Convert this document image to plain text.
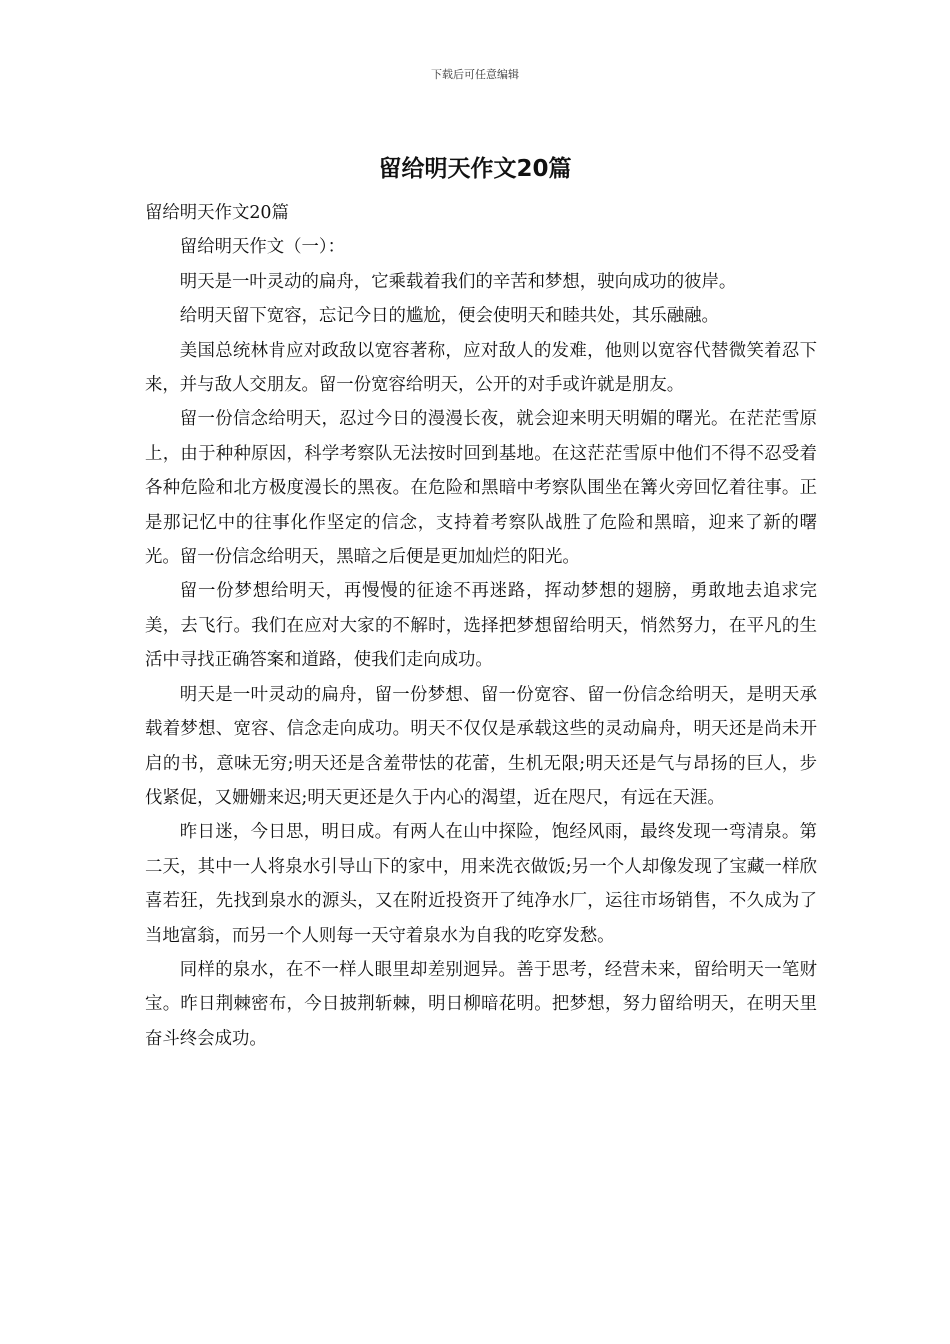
下载后可任意编辑
留给明天作文20篇

留给明天作文20篇

留给明天作文（一）：

明天是一叶灵动的扁舟，它乘载着我们的辛苦和梦想，驶向成功的彼岸。

给明天留下宽容，忘记今日的尴尬，便会使明天和睦共处，其乐融融。

美国总统林肯应对政敌以宽容著称，应对敌人的发难，他则以宽容代替微笑着忍下来，并与敌人交朋友。留一份宽容给明天，公开的对手或许就是朋友。

留一份信念给明天，忍过今日的漫漫长夜，就会迎来明天明媚的曙光。在茫茫雪原上，由于种种原因，科学考察队无法按时回到基地。在这茫茫雪原中他们不得不忍受着各种危险和北方极度漫长的黑夜。在危险和黑暗中考察队围坐在篝火旁回忆着往事。正是那记忆中的往事化作坚定的信念，支持着考察队战胜了危险和黑暗，迎来了新的曙光。留一份信念给明天，黑暗之后便是更加灿烂的阳光。

留一份梦想给明天，再慢慢的征途不再迷路，挥动梦想的翅膀，勇敢地去追求完美，去飞行。我们在应对大家的不解时，选择把梦想留给明天，悄然努力，在平凡的生活中寻找正确答案和道路，使我们走向成功。

明天是一叶灵动的扁舟，留一份梦想、留一份宽容、留一份信念给明天，是明天承载着梦想、宽容、信念走向成功。明天不仅仅是承载这些的灵动扁舟，明天还是尚未开启的书，意味无穷;明天还是含羞带怯的花蕾，生机无限;明天还是气与昂扬的巨人，步伐紧促，又姗姗来迟;明天更还是久于内心的渴望，近在咫尺，有远在天涯。

昨日迷，今日思，明日成。有两人在山中探险，饱经风雨，最终发现一弯清泉。第二天，其中一人将泉水引导山下的家中，用来洗衣做饭;另一个人却像发现了宝藏一样欣喜若狂，先找到泉水的源头，又在附近投资开了纯净水厂，运往市场销售，不久成为了当地富翁，而另一个人则每一天守着泉水为自我的吃穿发愁。

同样的泉水，在不一样人眼里却差别迥异。善于思考，经营未来，留给明天一笔财宝。昨日荆棘密布，今日披荆斩棘，明日柳暗花明。把梦想，努力留给明天，在明天里奋斗终会成功。
